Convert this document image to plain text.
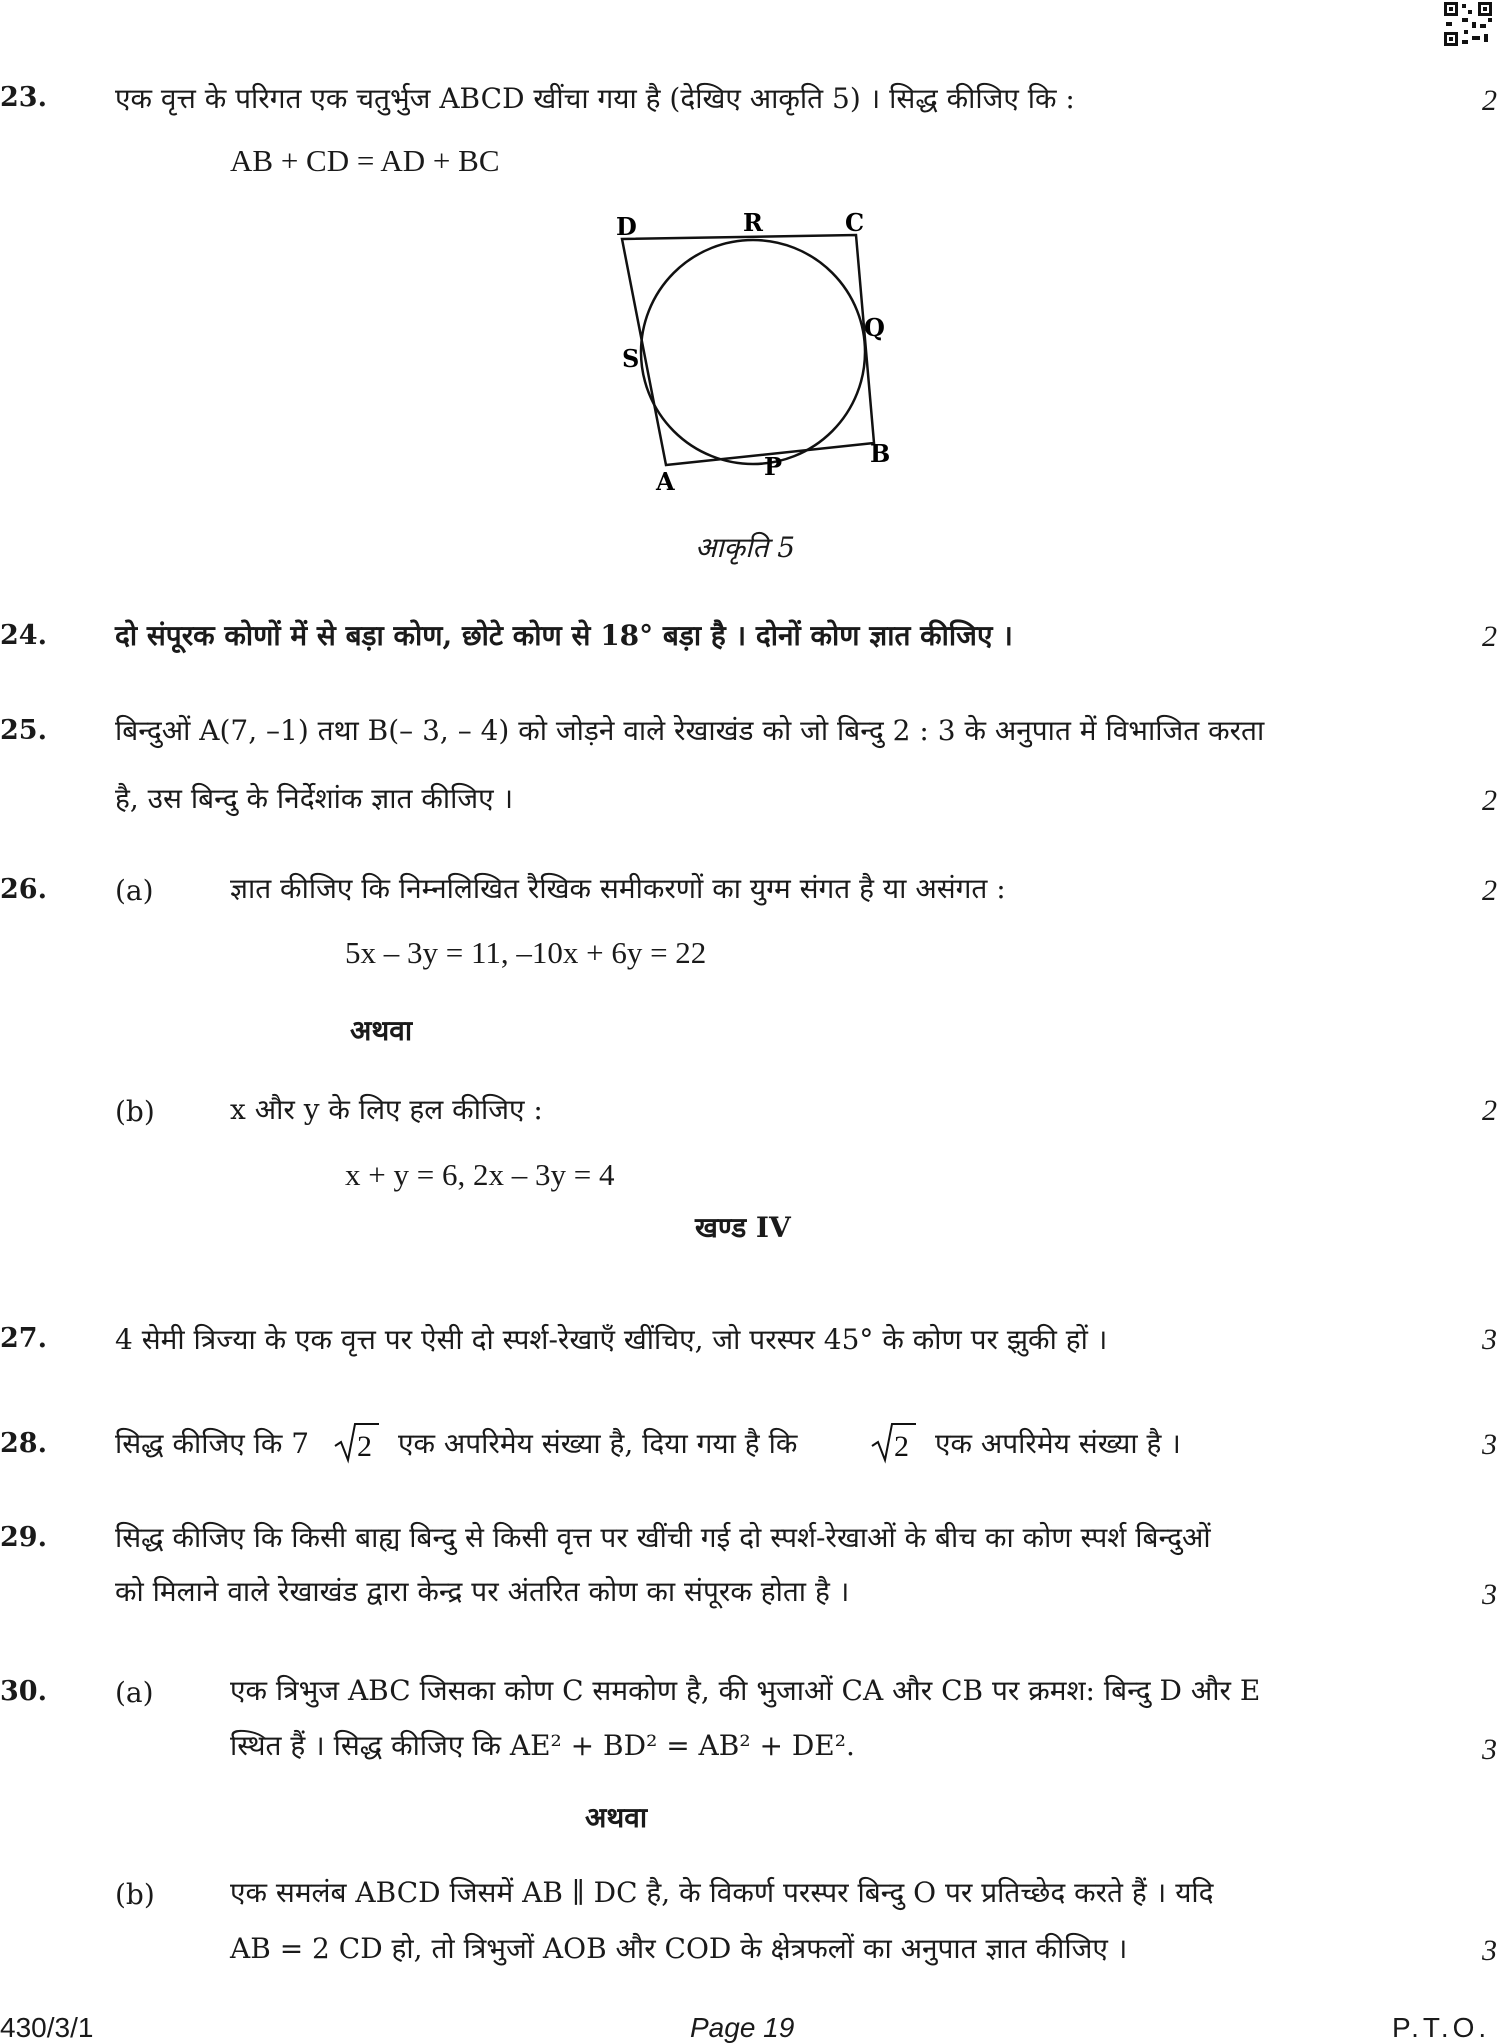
23. एक वृत्त के परिगत एक चतुर्भुज ABCD खींचा गया है (देखिए आकृति 5) । सिद्ध कीजिए कि :	2
AB + CD = AD + BC
D	R	C
Q
S
B
A
P
आकृति 5
24. दो संपूरक कोणों में से बड़ा कोण, छोटे कोण से 18° बड़ा है । दोनों कोण ज्ञात कीजिए ।	2
25. बिन्दुओं A(7, –1) तथा B(– 3, – 4) को जोड़ने वाले रेखाखंड को जो बिन्दु 2 : 3 के अनुपात में विभाजित करता
है, उस बिन्दु के निर्देशांक ज्ञात कीजिए ।	2
26. (a)	ज्ञात कीजिए कि निम्नलिखित रैखिक समीकरणों का युग्म संगत है या असंगत :	2
5x – 3y = 11, –10x + 6y = 22
अथवा
(b)	x और y के लिए हल कीजिए :	2
x + y = 6, 2x – 3y = 4
खण्ड IV
27. 4 सेमी त्रिज्या के एक वृत्त पर ऐसी दो स्पर्श-रेखाएँ खींचिए, जो परस्पर 45° के कोण पर झुकी हों ।	3
28. सिद्ध कीजिए कि 7 2 एक अपरिमेय संख्या है, दिया गया है कि	2 एक अपरिमेय संख्या है ।	3
29. सिद्ध कीजिए कि किसी बाह्य बिन्दु से किसी वृत्त पर खींची गई दो स्पर्श-रेखाओं के बीच का कोण स्पर्श बिन्दुओं
को मिलाने वाले रेखाखंड द्वारा केन्द्र पर अंतरित कोण का संपूरक होता है ।	3
30. (a)	एक त्रिभुज ABC जिसका कोण C समकोण है, की भुजाओं CA और CB पर क्रमश: बिन्दु D और E
स्थित हैं । सिद्ध कीजिए कि AE² + BD² = AB² + DE².	3
अथवा
(b)	एक समलंब ABCD जिसमें AB ∥ DC है, के विकर्ण परस्पर बिन्दु O पर प्रतिच्छेद करते हैं । यदि
AB = 2 CD हो, तो त्रिभुजों AOB और COD के क्षेत्रफलों का अनुपात ज्ञात कीजिए ।	3
430/3/1	Page 19	P.T.O.
